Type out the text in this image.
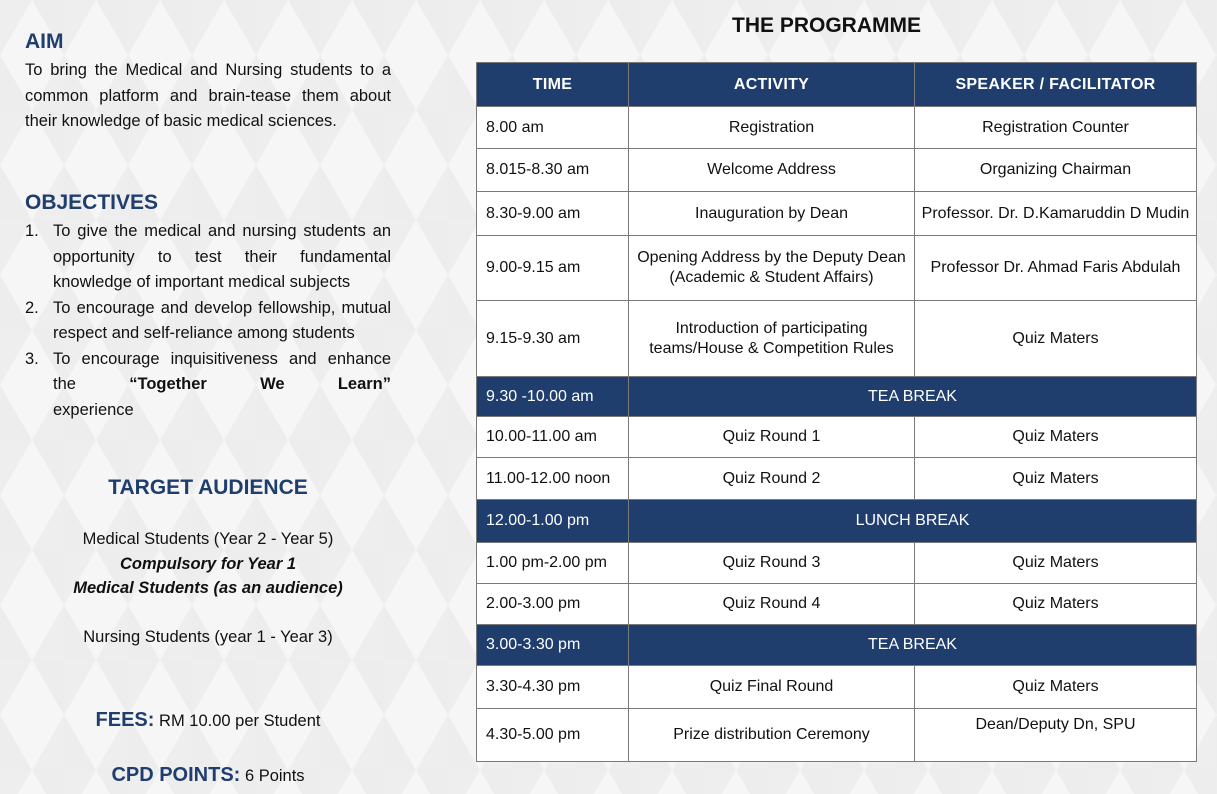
AIM
To bring the Medical and Nursing students to a common platform and brain-tease them about their knowledge of basic medical sciences.
OBJECTIVES
1. To give the medical and nursing students an opportunity to test their fundamental knowledge of important medical subjects
2. To encourage and develop fellowship, mutual respect and self-reliance among students
3. To encourage inquisitiveness and enhance the “Together We Learn”
experience
TARGET AUDIENCE
Medical Students (Year 2 - Year 5)
Compulsory for Year 1
Medical Students (as an audience)
Nursing Students (year 1 - Year 3)
FEES: RM 10.00 per Student
CPD POINTS: 6 Points
THE PROGRAMME
TIME	ACTIVITY	SPEAKER / FACILITATOR
8.00 am	Registration	Registration Counter
8.015-8.30 am	Welcome Address	Organizing Chairman
8.30-9.00 am	Inauguration by Dean	Professor. Dr. D.Kamaruddin D Mudin
9.00-9.15 am	Opening Address by the Deputy Dean (Academic & Student Affairs)	Professor Dr. Ahmad Faris Abdulah
9.15-9.30 am	Introduction of participating teams/House & Competition Rules	Quiz Maters
9.30 -10.00 am	TEA BREAK	
10.00-11.00 am	Quiz Round 1	Quiz Maters
11.00-12.00 noon	Quiz Round 2	Quiz Maters
12.00-1.00 pm	LUNCH BREAK	
1.00 pm-2.00 pm	Quiz Round 3	Quiz Maters
2.00-3.00 pm	Quiz Round 4	Quiz Maters
3.00-3.30 pm	TEA BREAK	
3.30-4.30 pm	Quiz Final Round	Quiz Maters
4.30-5.00 pm	Prize distribution Ceremony	Dean/Deputy Dn, SPU
